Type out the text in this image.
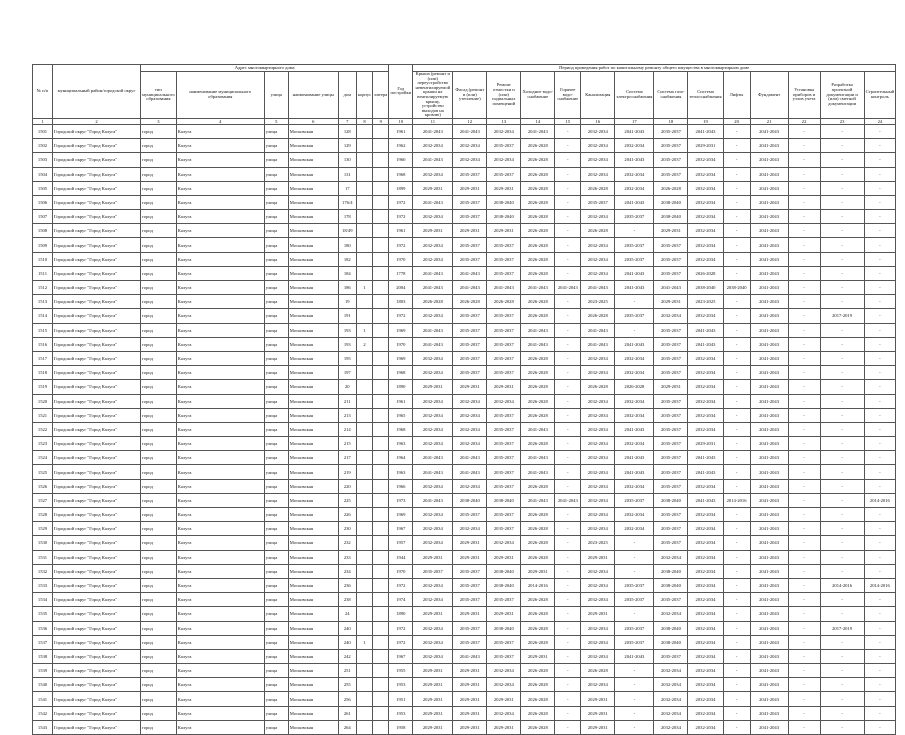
№ п/п	муниципальный район/городской округ	Адрес многоквартирного дома							Год постройки	Период проведения работ по капитальному ремонту общего имущества в многоквартирном доме													
		тип муниципального образования	наименование муниципального образования	улица	наименование улицы	дом	корпус	литера		Крыша (ремонт и (или) переустройство невентилируемой крыши на вентилируемую крышу, устройство выходов на кровлю)	Фасад (ремонт и (или) утепление)	Ремонт отмостки и (или) подвальных помещений	Холодное водо-снабжение	Горячее водо-снабжение	Канализация	Система электроснабжения	Система газо-снабжения	Система теплоснабжения	Лифты	Фундамент	Установка приборов и узлов учета	Разработка проектной документации и (или) сметной документации	Строительный контроль
1	2	3	4	5	6	7	8	9	10	11	12	13	14	15	16	17	18	19	20	21	22	23	24
1501	Городской округ "Город Калуга"	город	Калуга	улица	Московская	128			1961	2041-2043	2041-2043	2032-2034	2041-2043	-	2032-2034	2041-2043	2035-2037	2041-2043	-	2041-2043	-	-	-
1502	Городской округ "Город Калуга"	город	Калуга	улица	Московская	129			1962	2032-2034	2032-2034	2035-2037	2026-2028	-	2032-2034	2032-2034	2035-2037	2029-2031	-	2041-2043	-	-	-
1503	Городской округ "Город Калуга"	город	Калуга	улица	Московская	130			1960	2041-2043	2032-2034	2032-2034	2026-2028	-	2032-2034	2041-2043	2035-2037	2032-2034	-	2041-2043	-	-	-
1504	Городской округ "Город Калуга"	город	Калуга	улица	Московская	131			1968	2032-2034	2035-2037	2035-2037	2026-2028	-	2032-2034	2032-2034	2035-2037	2032-2034	-	2041-2043	-	-	-
1505	Городской округ "Город Калуга"	город	Калуга	улица	Московская	17			1899	2029-2031	2029-2031	2029-2031	2026-2028	-	2026-2028	2032-2034	2026-2028	2032-2034	-	2041-2043	-	-	-
1506	Городской округ "Город Калуга"	город	Калуга	улица	Московская	176/4			1972	2041-2043	2035-2037	2038-2040	2026-2028	-	2035-2037	2041-2043	2038-2040	2032-2034	-	2041-2043	-	-	-
1507	Городской округ "Город Калуга"	город	Калуга	улица	Московская	178			1972	2032-2034	2035-2037	2038-2040	2026-2028	-	2032-2034	2035-2037	2038-2040	2032-2034	-	2041-2043	-	-	-
1508	Городской округ "Город Калуга"	город	Калуга	улица	Московская	18/49			1961	2029-2031	2029-2031	2029-2031	2026-2028	-	2026-2028	-	2029-2031	2032-2034	-	2041-2043	-	-	-
1509	Городской округ "Город Калуга"	город	Калуга	улица	Московская	180			1972	2032-2034	2035-2037	2035-2037	2026-2028	-	2032-2034	2035-2037	2035-2037	2032-2034	-	2041-2043	-	-	-
1510	Городской округ "Город Калуга"	город	Калуга	улица	Московская	182			1970	2032-2034	2035-2037	2035-2037	2026-2028	-	2032-2034	2035-2037	2035-2037	2032-2034	-	2041-2043	-	-	-
1511	Городской округ "Город Калуга"	город	Калуга	улица	Московская	184			1778	2041-2043	2041-2043	2035-2037	2026-2028	-	2032-2034	2041-2043	2035-2037	2026-2028	-	2041-2043	-	-	-
1512	Городской округ "Город Калуга"	город	Калуга	улица	Московская	186	1		2004	2041-2043	2041-2043	2041-2043	2041-2043	2041-2043	2041-2043	2041-2043	2041-2043	2038-2040	2038-2040	2041-2043	-	-	-
1513	Городской округ "Город Калуга"	город	Калуга	улица	Московская	19			1803	2026-2028	2026-2028	2026-2028	2026-2028	-	2023-2025	-	2029-2031	2023-2025	-	2041-2043	-	-	-
1514	Городской округ "Город Калуга"	город	Калуга	улица	Московская	191			1972	2032-2034	2035-2037	2035-2037	2026-2028	-	2026-2028	2035-2037	2032-2034	2032-2034	-	2041-2043	-	2017-2019	-
1515	Городской округ "Город Калуга"	город	Калуга	улица	Московская	193	1		1969	2041-2043	2035-2037	2035-2037	2041-2043	-	2041-2043	-	2035-2037	2041-2043	-	2041-2043	-	-	-
1516	Городской округ "Город Калуга"	город	Калуга	улица	Московская	193	2		1970	2041-2043	2035-2037	2035-2037	2041-2043	-	2041-2043	2041-2043	2035-2037	2041-2043	-	2041-2043	-	-	-
1517	Городской округ "Город Калуга"	город	Калуга	улица	Московская	195			1969	2032-2034	2035-2037	2035-2037	2026-2028	-	2032-2034	2032-2034	2035-2037	2032-2034	-	2041-2043	-	-	-
1518	Городской округ "Город Калуга"	город	Калуга	улица	Московская	197			1968	2032-2034	2035-2037	2035-2037	2026-2028	-	2032-2034	2032-2034	2035-2037	2032-2034	-	2041-2043	-	-	-
1519	Городской округ "Город Калуга"	город	Калуга	улица	Московская	20			1890	2029-2031	2029-2031	2029-2031	2026-2028	-	2026-2028	2026-2028	2029-2031	2032-2034	-	2041-2043	-	-	-
1520	Городской округ "Город Калуга"	город	Калуга	улица	Московская	211			1961	2032-2034	2032-2034	2032-2034	2026-2028	-	2032-2034	2032-2034	2035-2037	2032-2034	-	2041-2043	-	-	-
1521	Городской округ "Город Калуга"	город	Калуга	улица	Московская	213			1965	2032-2034	2032-2034	2035-2037	2026-2028	-	2032-2034	2032-2034	2035-2037	2032-2034	-	2041-2043	-	-	-
1522	Городской округ "Город Калуга"	город	Калуга	улица	Московская	214			1968	2032-2034	2032-2034	2035-2037	2041-2043	-	2032-2034	2041-2043	2035-2037	2032-2034	-	2041-2043	-	-	-
1523	Городской округ "Город Калуга"	город	Калуга	улица	Московская	215			1963	2032-2034	2032-2034	2035-2037	2026-2028	-	2032-2034	2032-2034	2035-2037	2029-2031	-	2041-2043	-	-	-
1524	Городской округ "Город Калуга"	город	Калуга	улица	Московская	217			1964	2041-2043	2041-2043	2035-2037	2041-2043	-	2032-2034	2041-2043	2035-2037	2041-2043	-	2041-2043	-	-	-
1525	Городской округ "Город Калуга"	город	Калуга	улица	Московская	219			1963	2041-2043	2041-2043	2035-2037	2041-2043	-	2032-2034	2041-2043	2035-2037	2041-2043	-	2041-2043	-	-	-
1526	Городской округ "Город Калуга"	город	Калуга	улица	Московская	220			1966	2032-2034	2032-2034	2035-2037	2026-2028	-	2032-2034	2032-2034	2035-2037	2032-2034	-	2041-2043	-	-	-
1527	Городской округ "Город Калуга"	город	Калуга	улица	Московская	225			1973	2041-2043	2038-2040	2038-2040	2041-2043	2041-2043	2032-2034	2035-2037	2038-2040	2041-2043	2014-2016	2041-2043	-	-	2014-2016
1528	Городской округ "Город Калуга"	город	Калуга	улица	Московская	226			1969	2032-2034	2035-2037	2035-2037	2026-2028	-	2032-2034	2032-2034	2035-2037	2032-2034	-	2041-2043	-	-	-
1529	Городской округ "Город Калуга"	город	Калуга	улица	Московская	230			1967	2032-2034	2032-2034	2035-2037	2026-2028	-	2032-2034	2032-2034	2035-2037	2032-2034	-	2041-2043	-	-	-
1530	Городской округ "Город Калуга"	город	Калуга	улица	Московская	232			1957	2032-2034	2029-2031	2032-2034	2026-2028	-	2023-2025	-	2035-2037	2032-2034	-	2041-2043	-	-	-
1531	Городской округ "Город Калуга"	город	Калуга	улица	Московская	233			1944	2029-2031	2029-2031	2029-2031	2026-2028	-	2029-2031	-	2032-2034	2032-2034	-	2041-2043	-	-	-
1532	Городской округ "Город Калуга"	город	Калуга	улица	Московская	234			1970	2035-2037	2035-2037	2038-2040	2029-2031	-	2032-2034	-	2038-2040	2032-2034	-	2041-2043	-	-	-
1533	Городской округ "Город Калуга"	город	Калуга	улица	Московская	236			1972	2032-2034	2035-2037	2038-2040	2014-2016	-	2032-2034	2035-2037	2038-2040	2032-2034	-	2041-2043	-	2014-2016	2014-2016
1534	Городской округ "Город Калуга"	город	Калуга	улица	Московская	238			1974	2032-2034	2035-2037	2035-2037	2026-2028	-	2032-2034	2035-2037	2035-2037	2032-2034	-	2041-2043	-	-	-
1535	Городской округ "Город Калуга"	город	Калуга	улица	Московская	24			1890	2029-2031	2029-2031	2029-2031	2026-2028	-	2029-2031	-	2032-2034	2032-2034	-	2041-2043	-	-	-
1536	Городской округ "Город Калуга"	город	Калуга	улица	Московская	240			1972	2032-2034	2035-2037	2038-2040	2026-2028	-	2032-2034	2035-2037	2038-2040	2032-2034	-	2041-2043	-	2017-2019	-
1537	Городской округ "Город Калуга"	город	Калуга	улица	Московская	240	1		1972	2032-2034	2035-2037	2035-2037	2026-2028	-	2032-2034	2035-2037	2038-2040	2032-2034	-	2041-2043	-	-	-
1538	Городской округ "Город Калуга"	город	Калуга	улица	Московская	242			1967	2032-2034	2041-2043	2035-2037	2029-2031	-	2032-2034	2041-2043	2035-2037	2032-2034	-	2041-2043	-	-	-
1539	Городской округ "Город Калуга"	город	Калуга	улица	Московская	251			1955	2029-2031	2029-2031	2032-2034	2026-2028	-	2026-2028	-	2032-2034	2032-2034	-	2041-2043	-	-	-
1540	Городской округ "Город Калуга"	город	Калуга	улица	Московская	255			1953	2029-2031	2029-2031	2032-2034	2026-2028	-	2032-2034	-	2032-2034	2032-2034	-	2041-2043	-	-	-
1541	Городской округ "Город Калуга"	город	Калуга	улица	Московская	256			1951	2029-2031	2029-2031	2029-2031	2026-2028	-	2029-2031	-	2032-2034	2032-2034	-	2041-2043	-	-	-
1542	Городской округ "Город Калуга"	город	Калуга	улица	Московская	261			1953	2029-2031	2029-2031	2032-2034	2026-2028	-	2029-2031	-	2032-2034	2032-2034	-	2041-2043	-	-	-
1543	Городской округ "Город Калуга"	город	Калуга	улица	Московская	264			1958	2029-2031	2029-2031	2029-2031	2026-2028	-	2029-2031	-	2032-2034	2032-2034	-	2041-2043	-	-	-
